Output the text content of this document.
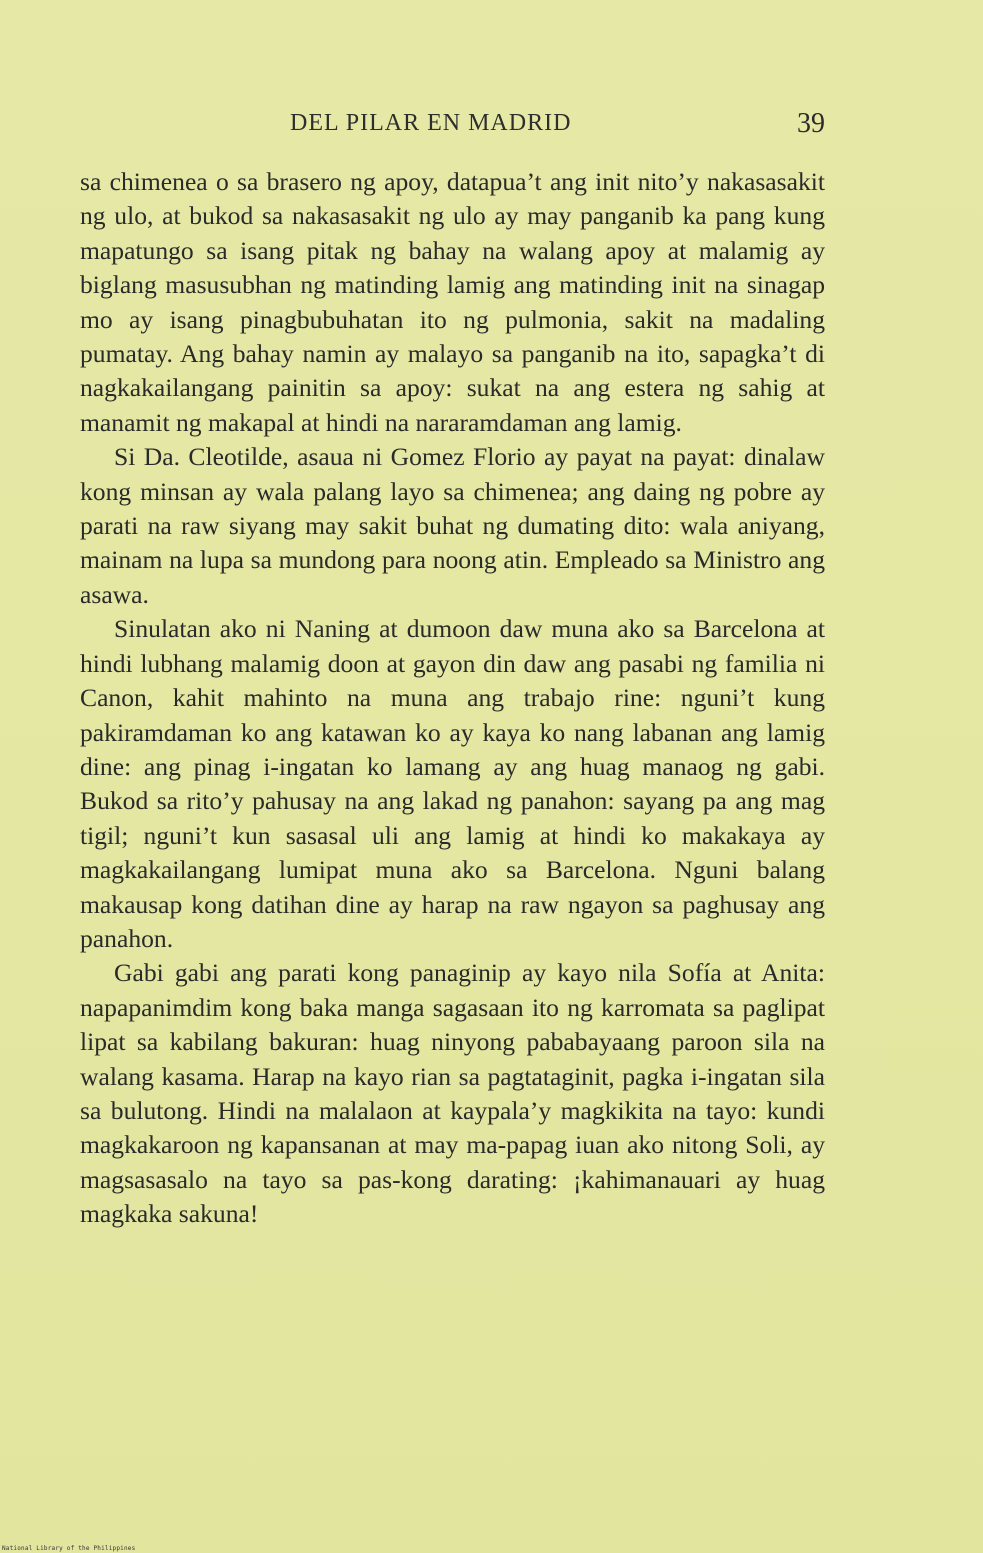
DEL PILAR EN MADRID	39

sa chimenea o sa brasero ng apoy, datapua’t ang init nito’y nakasasakit ng ulo, at bukod sa nakasasakit ng ulo ay may panganib ka pang kung mapatungo sa isang pitak ng bahay na walang apoy at malamig ay biglang masusubhan ng matinding lamig ang matinding init na sinagap mo ay isang pinagbubuhatan ito ng pulmonia, sakit na madaling pumatay. Ang bahay namin ay malayo sa panganib na ito, sapagka’t di nagkakailangang painitin sa apoy: sukat na ang estera ng sahig at manamit ng makapal at hindi na nararamdaman ang lamig.

Si Da. Cleotilde, asaua ni Gomez Florio ay payat na payat: dinalaw kong minsan ay wala palang layo sa chimenea; ang daing ng pobre ay parati na raw siyang may sakit buhat ng dumating dito: wala aniyang, mainam na lupa sa mundong para noong atin. Empleado sa Ministro ang asawa.

Sinulatan ako ni Naning at dumoon daw muna ako sa Barcelona at hindi lubhang malamig doon at gayon din daw ang pasabi ng familia ni Canon, kahit mahinto na muna ang trabajo rine: nguni’t kung pakiramdaman ko ang katawan ko ay kaya ko nang labanan ang lamig dine: ang pinag i-ingatan ko lamang ay ang huag manaog ng gabi. Bukod sa rito’y pahusay na ang lakad ng panahon: sayang pa ang mag tigil; nguni’t kun sasasal uli ang lamig at hindi ko makakaya ay magkakailangang lumipat muna ako sa Barcelona. Nguni balang makausap kong datihan dine ay harap na raw ngayon sa paghusay ang panahon.

Gabi gabi ang parati kong panaginip ay kayo nila Sofía at Anita: napapanimdim kong baka manga sagasaan ito ng karromata sa paglipat lipat sa kabilang bakuran: huag ninyong pababayaang paroon sila na walang kasama. Harap na kayo rian sa pagtataginit, pagka i-ingatan sila sa bulutong. Hindi na malalaon at kaypala’y magkikita na tayo: kundi magkakaroon ng kapansanan at may ma-papag iuan ako nitong Soli, ay magsasasalo na tayo sa pas-kong darating: ¡kahimanauari ay huag magkaka sakuna!

National Library of the Philippines
